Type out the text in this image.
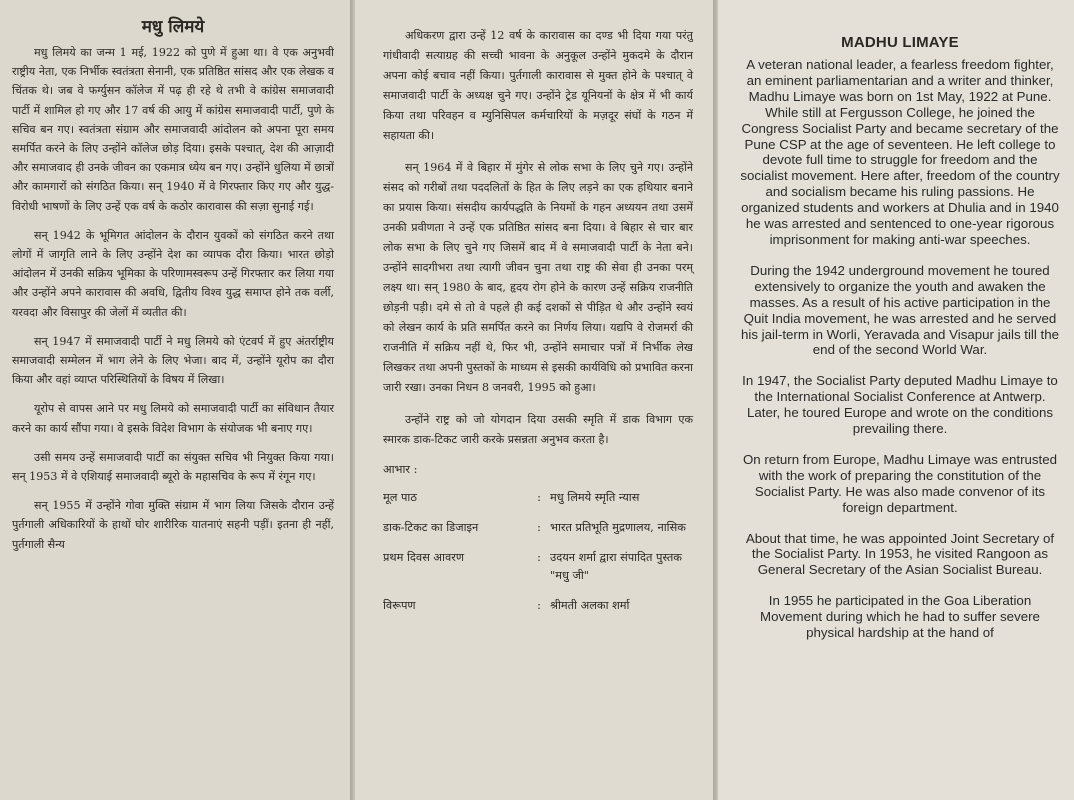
मधु लिमये

मधु लिमये का जन्म 1 मई, 1922 को पुणे में हुआ था। वे एक अनुभवी राष्ट्रीय नेता, एक निर्भीक स्वतंत्रता सेनानी, एक प्रतिष्ठित सांसद और एक लेखक व चिंतक थे। जब वे फर्ग्युसन कॉलेज में पढ़ ही रहे थे तभी वे कांग्रेस समाजवादी पार्टी में शामिल हो गए और 17 वर्ष की आयु में कांग्रेस समाजवादी पार्टी, पुणे के सचिव बन गए। स्वतंत्रता संग्राम और समाजवादी आंदोलन को अपना पूरा समय समर्पित करने के लिए उन्होंने कॉलेज छोड़ दिया। इसके पश्चात्, देश की आज़ादी और समाजवाद ही उनके जीवन का एकमात्र ध्येय बन गए। उन्होंने धुलिया में छात्रों और कामगारों को संगठित किया। सन् 1940 में वे गिरफ्तार किए गए और युद्ध-विरोधी भाषणों के लिए उन्हें एक वर्ष के कठोर कारावास की सज़ा सुनाई गई।

सन् 1942 के भूमिगत आंदोलन के दौरान युवकों को संगठित करने तथा लोगों में जागृति लाने के लिए उन्होंने देश का व्यापक दौरा किया। भारत छोड़ो आंदोलन में उनकी सक्रिय भूमिका के परिणामस्वरूप उन्हें गिरफ्तार कर लिया गया और उन्होंने अपने कारावास की अवधि, द्वितीय विश्व युद्ध समाप्त होने तक वर्ली, यरवदा और विसापुर की जेलों में व्यतीत की।

सन् 1947 में समाजवादी पार्टी ने मधु लिमये को एंटवर्प में हुए अंतर्राष्ट्रीय समाजवादी सम्मेलन में भाग लेने के लिए भेजा। बाद में, उन्होंने यूरोप का दौरा किया और वहां व्याप्त परिस्थितियों के विषय में लिखा।

यूरोप से वापस आने पर मधु लिमये को समाजवादी पार्टी का संविधान तैयार करने का कार्य सौंपा गया। वे इसके विदेश विभाग के संयोजक भी बनाए गए।

उसी समय उन्हें समाजवादी पार्टी का संयुक्त सचिव भी नियुक्त किया गया। सन् 1953 में वे एशियाई समाजवादी ब्यूरो के महासचिव के रूप में रंगून गए।

सन् 1955 में उन्होंने गोवा मुक्ति संग्राम में भाग लिया जिसके दौरान उन्हें पुर्तगाली अधिकारियों के हाथों घोर शारीरिक यातनाएं सहनी पड़ीं। इतना ही नहीं, पुर्तगाली सैन्य

अधिकरण द्वारा उन्हें 12 वर्ष के कारावास का दण्ड भी दिया गया परंतु गांधीवादी सत्याग्रह की सच्ची भावना के अनुकूल उन्होंने मुकदमे के दौरान अपना कोई बचाव नहीं किया। पुर्तगाली कारावास से मुक्त होने के पश्चात् वे समाजवादी पार्टी के अध्यक्ष चुने गए। उन्होंने ट्रेड यूनियनों के क्षेत्र में भी कार्य किया तथा परिवहन व म्युनिसिपल कर्मचारियों के मज़दूर संघों के गठन में सहायता की।

सन् 1964 में वे बिहार में मुंगेर से लोक सभा के लिए चुने गए। उन्होंने संसद को गरीबों तथा पददलितों के हित के लिए लड़ने का एक हथियार बनाने का प्रयास किया। संसदीय कार्यपद्धति के नियमों के गहन अध्ययन तथा उसमें उनकी प्रवीणता ने उन्हें एक प्रतिष्ठित सांसद बना दिया। वे बिहार से चार बार लोक सभा के लिए चुने गए जिसमें बाद में वे समाजवादी पार्टी के नेता बने। उन्होंने सादगीभरा तथा त्यागी जीवन चुना तथा राष्ट्र की सेवा ही उनका परम् लक्ष्य था। सन् 1980 के बाद, हृदय रोग होने के कारण उन्हें सक्रिय राजनीति छोड़नी पड़ी। दमे से तो वे पहले ही कई दशकों से पीड़ित थे और उन्होंने स्वयं को लेखन कार्य के प्रति समर्पित करने का निर्णय लिया। यद्यपि वे रोजमर्रा की राजनीति में सक्रिय नहीं थे, फिर भी, उन्होंने समाचार पत्रों में निर्भीक लेख लिखकर तथा अपनी पुस्तकों के माध्यम से इसकी कार्यविधि को प्रभावित करना जारी रखा। उनका निधन 8 जनवरी, 1995 को हुआ।

उन्होंने राष्ट्र को जो योगदान दिया उसकी स्मृति में डाक विभाग एक स्मारक डाक-टिकट जारी करके प्रसन्नता अनुभव करता है।

आभार :
मूल पाठ	: मधु लिमये स्मृति न्यास
डाक-टिकट का डिजाइन	: भारत प्रतिभूति मुद्रणालय, नासिक
प्रथम दिवस आवरण	: उदयन शर्मा द्वारा संपादित पुस्तक "मधु जी"
विरूपण	: श्रीमती अलका शर्मा
MADHU LIMAYE

A veteran national leader, a fearless freedom fighter, an eminent parliamentarian and a writer and thinker, Madhu Limaye was born on 1st May, 1922 at Pune. While still at Fergusson College, he joined the Congress Socialist Party and became secretary of the Pune CSP at the age of seventeen. He left college to devote full time to struggle for freedom and the socialist movement. Here after, freedom of the country and socialism became his ruling passions. He organized students and workers at Dhulia and in 1940 he was arrested and sentenced to one-year rigorous imprisonment for making anti-war speeches.

During the 1942 underground movement he toured extensively to organize the youth and awaken the masses. As a result of his active participation in the Quit India movement, he was arrested and he served his jail-term in Worli, Yeravada and Visapur jails till the end of the second World War.

In 1947, the Socialist Party deputed Madhu Limaye to the International Socialist Conference at Antwerp. Later, he toured Europe and wrote on the conditions prevailing there.

On return from Europe, Madhu Limaye was entrusted with the work of preparing the constitution of the Socialist Party. He was also made convenor of its foreign department.

About that time, he was appointed Joint Secretary of the Socialist Party. In 1953, he visited Rangoon as General Secretary of the Asian Socialist Bureau.

In 1955 he participated in the Goa Liberation Movement during which he had to suffer severe physical hardship at the hand of
